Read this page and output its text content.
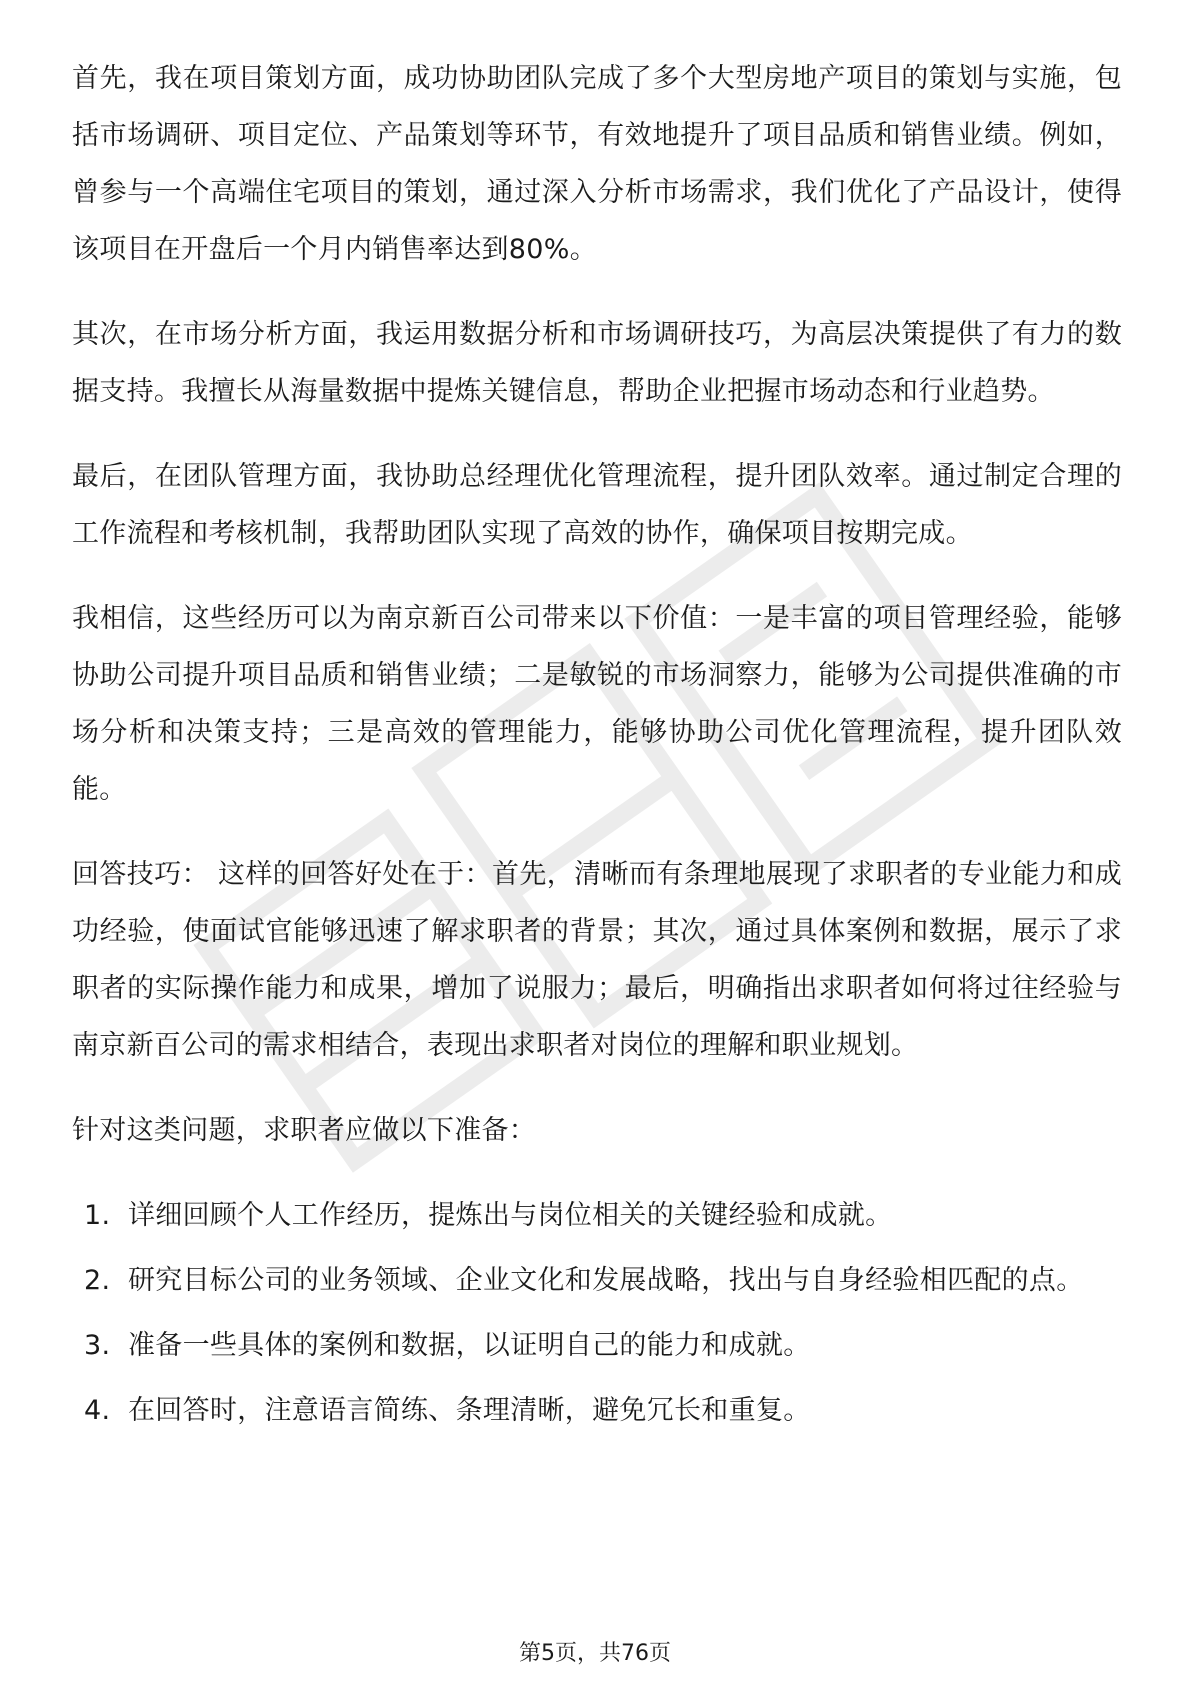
首先，我在项目策划方面，成功协助团队完成了多个大型房地产项目的策划与实施，包括市场调研、项目定位、产品策划等环节，有效地提升了项目品质和销售业绩。例如，曾参与一个高端住宅项目的策划，通过深入分析市场需求，我们优化了产品设计，使得该项目在开盘后一个月内销售率达到80%。

其次，在市场分析方面，我运用数据分析和市场调研技巧，为高层决策提供了有力的数据支持。我擅长从海量数据中提炼关键信息，帮助企业把握市场动态和行业趋势。

最后，在团队管理方面，我协助总经理优化管理流程，提升团队效率。通过制定合理的工作流程和考核机制，我帮助团队实现了高效的协作，确保项目按期完成。

我相信，这些经历可以为南京新百公司带来以下价值：一是丰富的项目管理经验，能够协助公司提升项目品质和销售业绩；二是敏锐的市场洞察力，能够为公司提供准确的市场分析和决策支持；三是高效的管理能力，能够协助公司优化管理流程，提升团队效能。

回答技巧： 这样的回答好处在于：首先，清晰而有条理地展现了求职者的专业能力和成功经验，使面试官能够迅速了解求职者的背景；其次，通过具体案例和数据，展示了求职者的实际操作能力和成果，增加了说服力；最后，明确指出求职者如何将过往经验与南京新百公司的需求相结合，表现出求职者对岗位的理解和职业规划。

针对这类问题，求职者应做以下准备：

1. 详细回顾个人工作经历，提炼出与岗位相关的关键经验和成就。
2. 研究目标公司的业务领域、企业文化和发展战略，找出与自身经验相匹配的点。
3. 准备一些具体的案例和数据，以证明自己的能力和成就。
4. 在回答时，注意语言简练、条理清晰，避免冗长和重复。
第5页，共76页
